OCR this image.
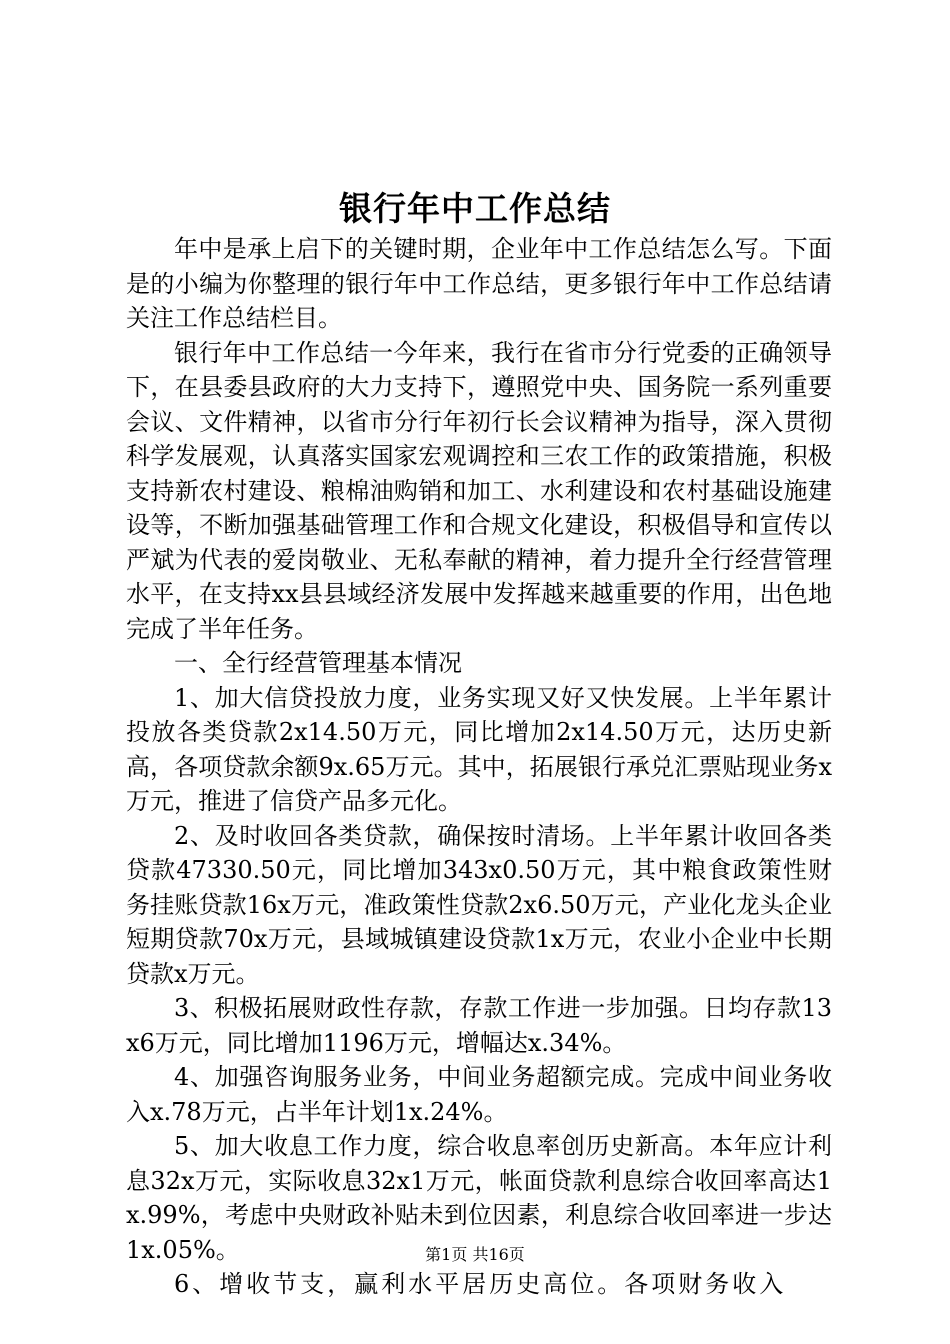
银行年中工作总结

年中是承上启下的关键时期，企业年中工作总结怎么写。下面是的小编为你整理的银行年中工作总结，更多银行年中工作总结请关注工作总结栏目。

银行年中工作总结一今年来，我行在省市分行党委的正确领导下，在县委县政府的大力支持下，遵照党中央、国务院一系列重要会议、文件精神，以省市分行年初行长会议精神为指导，深入贯彻科学发展观，认真落实国家宏观调控和三农工作的政策措施，积极支持新农村建设、粮棉油购销和加工、水利建设和农村基础设施建设等，不断加强基础管理工作和合规文化建设，积极倡导和宣传以严斌为代表的爱岗敬业、无私奉献的精神，着力提升全行经营管理水平，在支持xx县县域经济发展中发挥越来越重要的作用，出色地完成了半年任务。

一、全行经营管理基本情况

1、加大信贷投放力度，业务实现又好又快发展。上半年累计投放各类贷款2x14.50万元，同比增加2x14.50万元，达历史新高，各项贷款余额9x.65万元。其中，拓展银行承兑汇票贴现业务x万元，推进了信贷产品多元化。

2、及时收回各类贷款，确保按时清场。上半年累计收回各类贷款47330.50元，同比增加343x0.50万元，其中粮食政策性财务挂账贷款16x万元，准政策性贷款2x6.50万元，产业化龙头企业短期贷款70x万元，县域城镇建设贷款1x万元，农业小企业中长期贷款x万元。

3、积极拓展财政性存款，存款工作进一步加强。日均存款13x6万元，同比增加1196万元，增幅达x.34%。

4、加强咨询服务业务，中间业务超额完成。完成中间业务收入x.78万元，占半年计划1x.24%。

5、加大收息工作力度，综合收息率创历史新高。本年应计利息32x万元，实际收息32x1万元，帐面贷款利息综合收回率高达1x.99%，考虑中央财政补贴未到位因素，利息综合收回率进一步达1x.05%。

6、增收节支，赢利水平居历史高位。各项财务收入

第1页 共16页
